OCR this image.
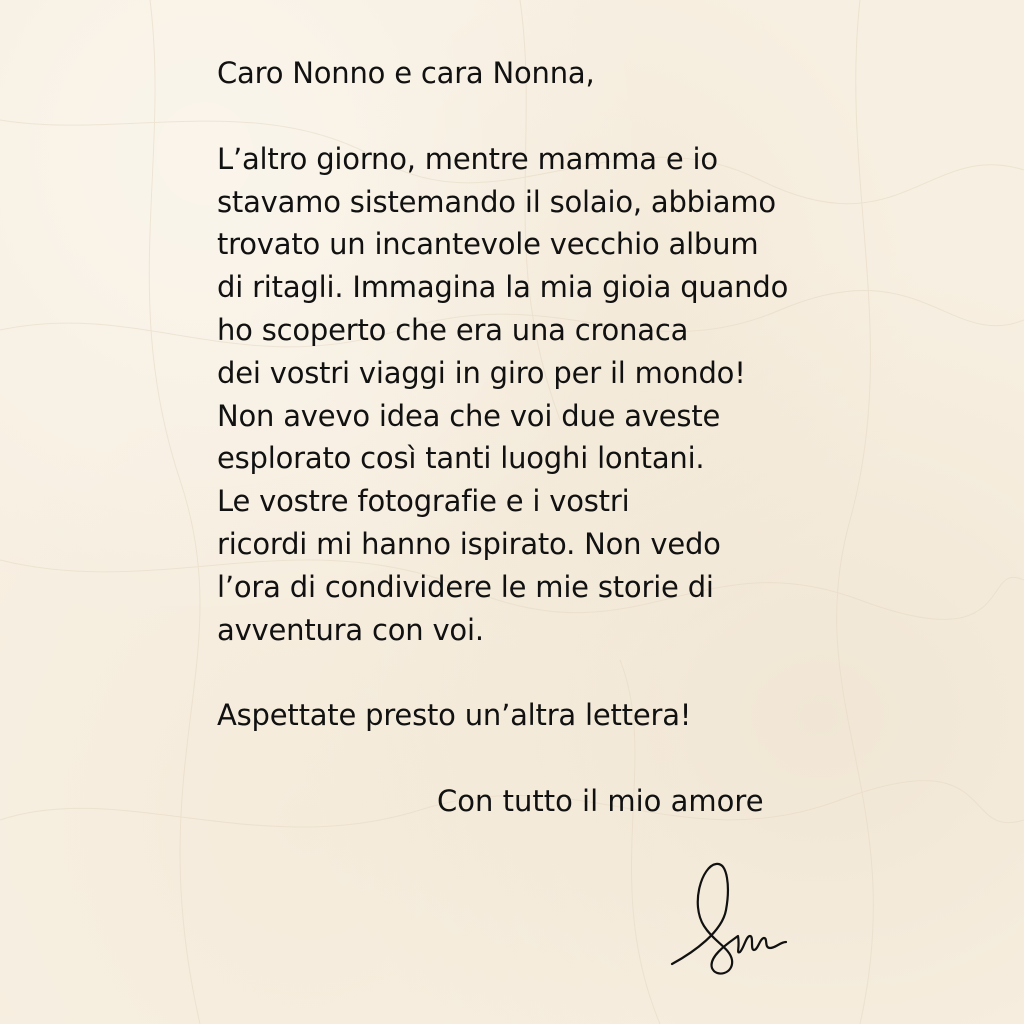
Caro Nonno e cara Nonna,
L’altro giorno, mentre mamma e io
stavamo sistemando il solaio, abbiamo
trovato un incantevole vecchio album
di ritagli. Immagina la mia gioia quando
ho scoperto che era una cronaca
dei vostri viaggi in giro per il mondo!
Non avevo idea che voi due aveste
esplorato così tanti luoghi lontani.
Le vostre fotografie e i vostri
ricordi mi hanno ispirato. Non vedo
l’ora di condividere le mie storie di
avventura con voi.
Aspettate presto un’altra lettera!
Con tutto il mio amore
